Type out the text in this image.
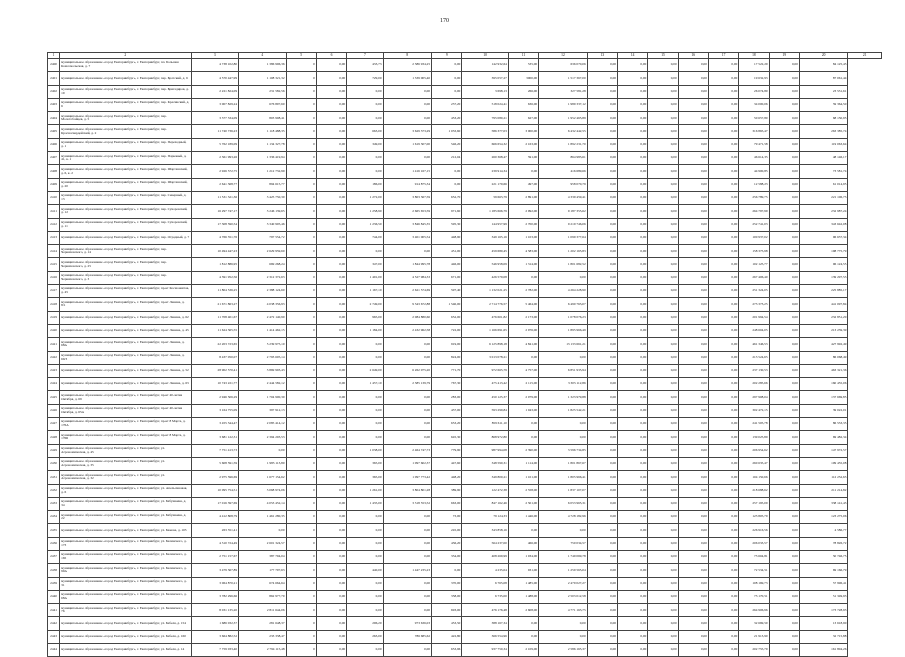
170
1	2	3	4	5	6	7	8	9	10	11	12	13	14	15	16	17	18	19	20	21
2400	муниципальное образование «город Екатеринбург», г. Екатеринбург, пл. Большая Комсомольская, д. 7	4 738 102,80	1 386 996,36	0	0,00	433,73	2 386 934,25	0,00	142 932,64	535,00	636 070,06	0,00	0,00	0,00	0,00	0,00	17 522,29	0,00	84 125,43	
2401	муниципальное образование «город Екатеринбург», г. Екатеринбург, пер. Братский, д. 6	4 570 447,99	1 108 321,32	0	0,00	729,00	1 339 005,40	0,00	395 057,27	3000,00	1 517 367,00	0,00	0,00	0,00	0,00	0,00	19 632,93	0,00	87 061,44	
2402	муниципальное образование «город Екатеринбург», г. Екатеринбург, пер. Бригадиров, д. 19	2 221 824,09	231 582,56	0	0,00	0,00	0,00	0,00	3 698,13	266,00	327 581,28	0,00	0,00	0,00	0,00	0,00	26 074,80	0,00	23 531,61	
2403	муниципальное образование «город Екатеринбург», г. Екатеринбург, пер. Красинский, д. 6	3 007 829,24	676 897,60	0	0,00	0,00	0,00	237,20	518 024,41	636,00	1 989 337,12	0,00	0,00	0,00	0,00	0,00	34 000,06	0,00	59 364,50	
2404	муниципальное образование «город Екатеринбург», г. Екатеринбург, пер. Молотобойцев, д. 5	3 377 334,09	803 908,41	0	0,00	0,00	0,00	453,20	795 080,21	627,00	1 952 465,89	0,00	0,00	0,00	0,00	0,00	50 657,80	0,00	68 150,95	
2405	муниципальное образование «город Екатеринбург», г. Екатеринбург, пер. Красногвардейский, д. 2	11 740 736,23	1 118 488,35	0	0,00	663,00	3 629 373,29	1 033,60	586 377,03	3 000,00	6 432 442,55	0,00	0,00	0,00	0,00	0,00	316 865,47	0,00	263 385,74	
2406	муниципальное образование «город Екатеринбург», г. Екатеринбург, пер. Переходный, д. 1	5 762 189,09	1 134 327,78	0	0,00	349,00	1 619 307,00	546,20	666 654,32	2 163,00	1 892 231,70	0,00	0,00	0,00	0,00	0,00	79 471,58	0,00	119 063,64	
2407	муниципальное образование «город Екатеринбург», г. Екатеринбург, пер. Парковый, д. 41, к. 1	2 361 993,26	1 336 419,94	0	0,00	0,00	0,00	212,04	260 368,47	591,00	864 983,61	0,00	0,00	0,00	0,00	0,00	46 614,35	0,00	48 146,17	
2408	муниципальное образование «город Екатеринбург», г. Екатеринбург, пер. Шарташский, д. 6, к. 2	2 926 572,75	1 212 732,99	0	0,00	0,00	1 416 167,15	0,00	239 914,34	0,00	416 689,66	0,00	0,00	0,00	0,00	0,00	44 900,85	0,00	73 581,74	
2409	муниципальное образование «город Екатеринбург», г. Екатеринбург, пер. Шарташский, д. 20	2 641 368,77	894 615,77	0	0,00	186,00	914 875,34	0,00	221 179,66	497,00	958 070,79	0,00	0,00	0,00	0,00	0,00	12 588,23	0,00	61 014,95	
2410	муниципальное образование «город Екатеринбург», г. Екатеринбург, пер. Северный, д. 13	11 531 321,36	3 425 750,30	0	0,00	1 272,00	3 803 367,59	652,70	59 665,79	2 891,00	4 339 459,41	0,00	0,00	0,00	0,00	0,00	256 789,75	0,00	221 106,73	
2411	муниципальное образование «город Екатеринбург», г. Екатеринбург, пер. Суворовский, д. 12	16 297 747,17	3 246 139,65	0	0,00	1 258,90	2 665 653,59	971,60	1 185 666,79	2 992,00	9 187 355,62	0,00	0,00	0,00	0,00	0,00	264 797,99	0,00	232 987,24	
2412	муниципальное образование «город Екатеринбург», г. Екатеринбург, пер. Суворовский, д. 11	17 308 590,54	3 340 905,46	0	0,00	1 236,50	3 846 845,35	595,30	144 957,99	2 700,00	9 219 746,06	0,00	0,00	0,00	0,00	0,00	252 741,03	0,00	343 642,08	
2413	муниципальное образование «город Екатеринбург», г. Екатеринбург, пер. Отрадный, д. 7	4 766 351,76	797 554,72	0	0,00	744,00	3 401 005,54	448,90	349 165,16	1 103,00	1 099 377,64	0,00	0,00	0,00	0,00	0,00	100 937,02	0,00	96 637,34	
2414	муниципальное образование «город Екатеринбург», г. Екатеринбург, пер. Черняховского, д. 14	10 494 447,23	2 629 959,60	0	0,00	0,00	0,00	451,00	459 680,45	4 583,00	1 202 165,83	0,00	0,00	0,00	0,00	0,00	158 375,98	0,00	198 775,79	
2415	муниципальное образование «город Екатеринбург», г. Екатеринбург, пер. Черняховского, д. 25	1 812 886,95	669 268,24	0	0,00	347,00	1 844 995,78	446,00	546 958,09	1 314,00	1 801 682,52	0,00	0,00	0,00	0,00	0,00	102 125,77	0,00	96 124,55	
2416	муниципальное образование «город Екатеринбург», г. Екатеринбург, пер. Черняховского, д. 3	4 391 952,56	2 312 372,63	0	0,00	1 491,00	4 527 984,33	671,00	426 579,08	0,00	0,00	0,00	0,00	0,00	0,00	0,00	267 406,40	0,00	139 297,53	
2417	муниципальное образование «город Екатеринбург», г. Екатеринбург, пр-кт Космонавтов, д. 45	11 804 536,25	2 388 124,60	0	0,00	1 167,10	2 621 574,69	597,40	1 132 021,25	2 782,00	4 264 228,90	0,00	0,00	0,00	0,00	0,00	251 324,05	0,00	225 885,17	
2418	муниципальное образование «город Екатеринбург», г. Екатеринбург, пр-кт Ленина, д. 8/1	21 671 863,27	4 038 356,93	0	0,00	2 749,00	9 343 672,88	1 546,00	2 714 776,57	5 464,00	6 490 763,07	0,00	0,00	0,00	0,00	0,00	273 373,25	0,00	441 097,84	
2419	муниципальное образование «город Екатеринбург», г. Екатеринбург, пр-кт Ленина, д. 62	11 708 401,67	2 472 140,90	0	0,00	965,00	2 084 880,60	652,00	476 601,82	2 173,00	1 078 076,23	0,00	0,00	0,00	0,00	0,00	201 994,54	0,00	232 851,20	
2420	муниципальное образование «город Екатеринбург», г. Екатеринбург, пр-кт Ленина, д. 45	11 624 365,55	1 414 462,15	0	0,00	1 184,00	2 432 962,58	722,00	1 166 691,65	2 976,00	1 895 966,49	0,00	0,00	0,00	0,00	0,00	248 604,05	0,00	213 239,39	
2421	муниципальное образование «город Екатеринбург», г. Екатеринбург, пр-кт Ленина, д. 68А	22 203 723,65	5 239 975,10	0	0,00	0,00	0,00	919,00	6 125 898,18	4 841,00	13 133 661,21	0,00	0,00	0,00	0,00	0,00	461 346,53	0,00	427 992,49	
2422	муниципальное образование «город Екатеринбург», г. Екатеринбург, пр-кт Ленина, д. 69/3	8 437 050,07	2 793 605,14	0	0,00	0,00	0,00	824,00	3 013 078,21	0,00	0,00	0,00	0,00	0,00	0,00	0,00	213 524,65	0,00	86 068,49	
2423	муниципальное образование «город Екатеринбург», г. Екатеринбург, пр-кт Ленина, д. 52	28 902 570,41	3 869 993,43	0	0,00	2 649,00	6 262 075,20	771,70	972 665,79	4 757,00	6 851 935,94	0,00	0,00	0,00	0,00	0,00	237 130,53	0,00	463 321,36	
2424	муниципальное образование «город Екатеринбург», г. Екатеринбург, пр-кт Ленина, д. 63	10 743 221,77	2 444 582,12	0	0,00	1 457,10	2 385 139,79	767,30	475 413,42	2 115,00	3 305 112,86	0,00	0,00	0,00	0,00	0,00	202 285,66	0,00	160 455,06	
2425	муниципальное образование «город Екатеринбург», г. Екатеринбург, пр-кт 40-летия Октября, д. 69	2 946 506,29	1 704 900,30	0	0,00	0,00	0,00	283,00	450 125,37	2 079,00	1 323 979,88	0,00	0,00	0,00	0,00	0,00	297 908,04	0,00	137 669,85	
2426	муниципальное образование «город Екатеринбург», г. Екатеринбург, пр-кт 40-летия Октября, д. 65А	3 164 755,09	397 912,13	0	0,00	0,00	0,00	437,00	593 299,84	1 043,00	1 825 542,21	0,00	0,00	0,00	0,00	0,00	302 472,15	0,00	39 022,01	
2427	муниципальное образование «город Екатеринбург», г. Екатеринбург, пр-кт 8 Марта, д. 176А	3 455 344,47	2 085 414,12	0	0,00	0,00	0,00	653,20	859 611,10	0,00	0,00	0,00	0,00	0,00	0,00	0,00	241 505,78	0,00	86 533,35	
2428	муниципальное образование «город Екатеринбург», г. Екатеринбург, пр-кт 8 Марта, д. 176Б	3 681 122,31	2 394 293,53	0	0,00	0,00	0,00	645,30	868 972,80	0,00	0,00	0,00	0,00	0,00	0,00	0,00	139 025,89	0,00	69 482,34	
2429	муниципальное образование «город Екатеринбург», г. Екатеринбург, ул. Агрономическая, д. 45	7 751 413,73	0,00	0	0,00	1 038,00	2 464 747,73	779,90	987 994,08	2 390,00	3 596 734,85	0,00	0,00	0,00	0,00	0,00	206 954,62	0,00	147 972,57	
2430	муниципальное образование «город Екатеринбург», г. Екатеринбург, ул. Агрономическая, д. 35	5 608 591,59	1 983 113,80	0	0,00	365,00	1 097 602,37	447,60	348 590,31	1 114,00	1 801 867,67	0,00	0,00	0,00	0,00	0,00	260 635,47	0,00	109 455,08	
2431	муниципальное образование «город Екатеринбург», г. Екатеринбург, ул. Агрономическая, д. 32	2 975 596,69	1 677 154,62	0	0,00	365,00	1 097 773,42	448,20	349 800,21	1 101,00	1 805 966,41	0,00	0,00	0,00	0,00	0,00	104 150,66	0,00	112 252,63	
2432	муниципальное образование «город Екатеринбург», г. Екатеринбург, ул. Апельсиновая, д. 6	10 095 754,51	3 068 974,06	0	0,00	1 261,00	3 804 801,28	389,90	122 472,38	2 558,00	1 837 107,07	0,00	0,00	0,00	0,00	0,00	218 688,62	0,00	211 214,82	
2433	муниципальное образование «город Екатеринбург», г. Екатеринбург, ул. Бабушкина, д. 34	17 016 397,69	4 053 452,14	0	0,00	1 435,00	3 318 553,52	663,00	847 162,46	2 501,00	6 053 965,31	0,00	0,00	0,00	0,00	0,00	257 195,09	0,00	338 141,43	
2434	муниципальное образование «город Екатеринбург», г. Екатеринбург, ул. Бабушкина, д. 22	4 412 808,79	1 461 280,35	0	0,00	0,00	0,00	73,00	79 124,33	1 446,00	4 728 182,96	0,00	0,00	0,00	0,00	0,00	123 805,79	0,00	123 275,06	
2435	муниципальное образование «город Екатеринбург», г. Екатеринбург, ул. Бажова, д. 103	263 351,41	0,00	0	0,00	0,00	0,00	245,00	343 858,16	0,00	0,00	0,00	0,00	0,00	0,00	0,00	226 916,56	0,00	4 586,77	
2436	муниципальное образование «город Екатеринбург», г. Екатеринбург, ул. Белинского, д. 173	4 310 724,49	2 601 324,57	0	0,00	0,00	0,00	436,20	564 237,00	466,00	750 034,57	0,00	0,00	0,00	0,00	0,00	206 033,57	0,00	78 826,72	
2437	муниципальное образование «город Екатеринбург», г. Екатеринбург, ул. Белинского, д. 165	2 751 157,67	387 794,04	0	0,00	0,00	0,00	334,00	408 269,99	1 034,00	1 749 069,78	0,00	0,00	0,00	0,00	0,00	73 604,81	0,00	50 746,75	
2438	муниципальное образование «город Екатеринбург», г. Екатеринбург, ул. Белинского, д. 99А	3 479 367,89	177 797,63	0	0,00	440,00	1 447 235,23	0,00	4 235,04	931,00	1 259 565,04	0,00	0,00	0,00	0,00	0,00	72 534,51	0,00	69 166,79	
2439	муниципальное образование «город Екатеринбург», г. Екатеринбург, ул. Белинского, д. 31	3 064 870,21	674 664,64	0	0,00	0,00	0,00	370,00	6 765,08	1 485,00	2 479 027,27	0,00	0,00	0,00	0,00	0,00	108 169,73	0,00	57 996,41	
2440	муниципальное образование «город Екатеринбург», г. Екатеринбург, ул. Белинского, д. 68А	3 782 296,66	862 977,70	0	0,00	0,00	0,00	358,00	6 735,00	1 488,00	2 503 012,58	0,00	0,00	0,00	0,00	0,00	73 170,51	0,00	51 349,93	
2441	муниципальное образование «город Екатеринбург», г. Екатеринбург, ул. Белинского, д. 76	8 031 135,20	2 811 644,06	0	0,00	0,00	0,00	693,00	476 176,48	2 608,00	4 771 163,75	0,00	0,00	0,00	0,00	0,00	264 906,96	0,00	173 728,93	
2442	муниципальное образование «город Екатеринбург», г. Екатеринбург, ул. Бебеля, д. 154	1 686 032,37	281 648,37	0	0,00	296,20	973 636,03	453,50	388 167,34	0,00	0,00	0,00	0,00	0,00	0,00	0,00	32 669,50	0,00	13 618,90	
2443	муниципальное образование «город Екатеринбург», г. Екатеринбург, ул. Бебеля, д. 160	3 664 882,52	233 338,47	0	0,00	263,00	786 685,62	422,80	366 554,96	0,00	0,00	0,00	0,00	0,00	0,00	0,00	21 913,90	0,00	32 715,88	
2444	муниципальное образование «город Екатеринбург», г. Екатеринбург, ул. Бебеля, д. 14	7 759 033,40	2 794 115,48	0	0,00	0,00	0,00	653,96	937 750,34	2 109,00	2 586 165,37	0,00	0,00	0,00	0,00	0,00	202 755,79	0,00	161 804,26	
